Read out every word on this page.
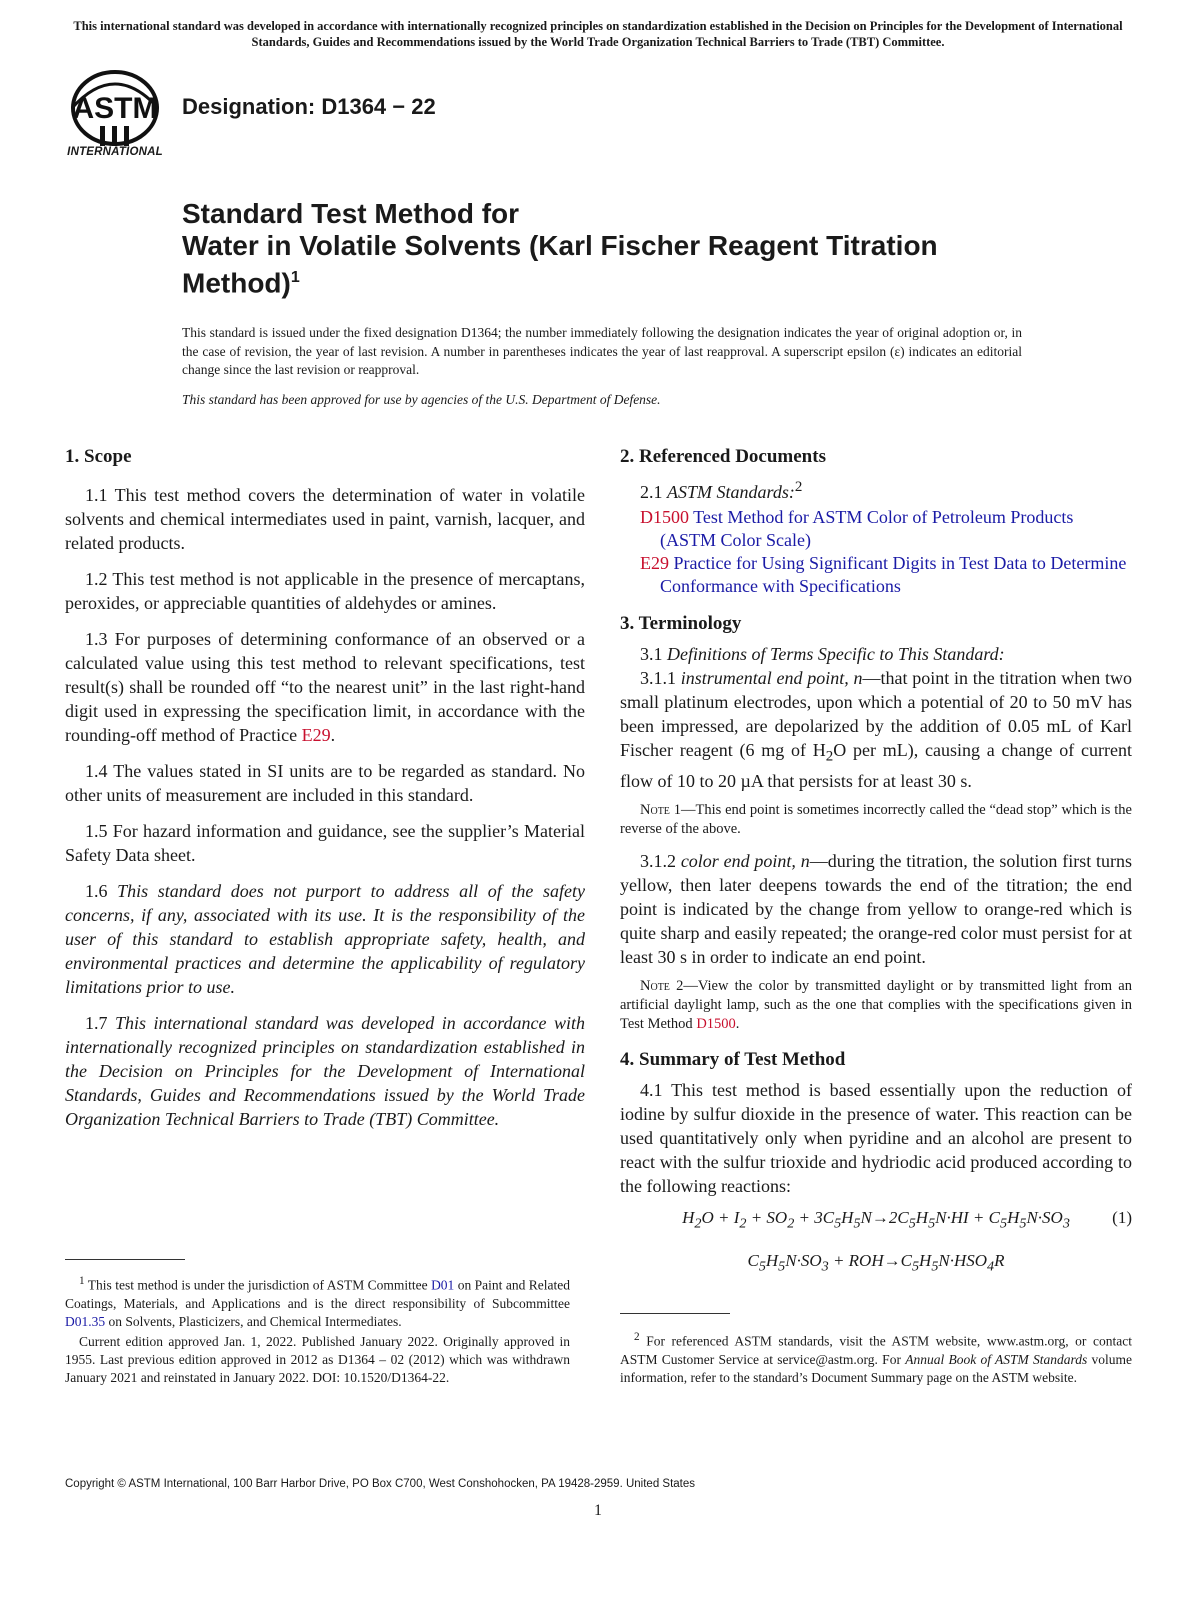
This international standard was developed in accordance with internationally recognized principles on standardization established in the Decision on Principles for the Development of International Standards, Guides and Recommendations issued by the World Trade Organization Technical Barriers to Trade (TBT) Committee.
ASTM
INTERNATIONAL
Designation: D1364 − 22
Standard Test Method for
Water in Volatile Solvents (Karl Fischer Reagent Titration
Method)$^1$
This standard is issued under the fixed designation D1364; the number immediately following the designation indicates the year of original adoption or, in the case of revision, the year of last revision. A number in parentheses indicates the year of last reapproval. A superscript epsilon (ε) indicates an editorial change since the last revision or reapproval.
This standard has been approved for use by agencies of the U.S. Department of Defense.
1. Scope

1.1 This test method covers the determination of water in volatile solvents and chemical intermediates used in paint, varnish, lacquer, and related products.

1.2 This test method is not applicable in the presence of mercaptans, peroxides, or appreciable quantities of aldehydes or amines.

1.3 For purposes of determining conformance of an observed or a calculated value using this test method to relevant specifications, test result(s) shall be rounded off “to the nearest unit” in the last right-hand digit used in expressing the specification limit, in accordance with the rounding-off method of Practice E29.

1.4 The values stated in SI units are to be regarded as standard. No other units of measurement are included in this standard.

1.5 For hazard information and guidance, see the supplier’s Material Safety Data sheet.

1.6 This standard does not purport to address all of the safety concerns, if any, associated with its use. It is the responsibility of the user of this standard to establish appropriate safety, health, and environmental practices and determine the applicability of regulatory limitations prior to use.

1.7 This international standard was developed in accordance with internationally recognized principles on standardization established in the Decision on Principles for the Development of International Standards, Guides and Recommendations issued by the World Trade Organization Technical Barriers to Trade (TBT) Committee.

$^1$ This test method is under the jurisdiction of ASTM Committee D01 on Paint and Related Coatings, Materials, and Applications and is the direct responsibility of Subcommittee D01.35 on Solvents, Plasticizers, and Chemical Intermediates.

Current edition approved Jan. 1, 2022. Published January 2022. Originally approved in 1955. Last previous edition approved in 2012 as D1364 – 02 (2012) which was withdrawn January 2021 and reinstated in January 2022. DOI: 10.1520/D1364-22.

2. Referenced Documents

2.1 ASTM Standards:$^2$

D1500 Test Method for ASTM Color of Petroleum Products (ASTM Color Scale)

E29 Practice for Using Significant Digits in Test Data to Determine Conformance with Specifications

3. Terminology

3.1 Definitions of Terms Specific to This Standard:

3.1.1 instrumental end point, n—that point in the titration when two small platinum electrodes, upon which a potential of 20 to 50 mV has been impressed, are depolarized by the addition of 0.05 mL of Karl Fischer reagent (6 mg of $H_2O$ per mL), causing a change of current flow of 10 to 20 µA that persists for at least 30 s.

Note 1—This end point is sometimes incorrectly called the “dead stop” which is the reverse of the above.

3.1.2 color end point, n—during the titration, the solution first turns yellow, then later deepens towards the end of the titration; the end point is indicated by the change from yellow to orange-red which is quite sharp and easily repeated; the orange-red color must persist for at least 30 s in order to indicate an end point.

Note 2—View the color by transmitted daylight or by transmitted light from an artificial daylight lamp, such as the one that complies with the specifications given in Test Method D1500.

4. Summary of Test Method

4.1 This test method is based essentially upon the reduction of iodine by sulfur dioxide in the presence of water. This reaction can be used quantitatively only when pyridine and an alcohol are present to react with the sulfur trioxide and hydriodic acid produced according to the following reactions:

$H_2O + I_2 + SO_2 + 3C_5H_5N\to 2C_5H_5N\cdot HI + C_5H_5N\cdot SO_3$ (1)
$C_5H_5N\cdot SO_3 + ROH\to C_5H_5N\cdot HSO_4R$

$^2$ For referenced ASTM standards, visit the ASTM website, www.astm.org, or contact ASTM Customer Service at service@astm.org. For Annual Book of ASTM Standards volume information, refer to the standard’s Document Summary page on the ASTM website.

Copyright © ASTM International, 100 Barr Harbor Drive, PO Box C700, West Conshohocken, PA 19428-2959. United States
1
